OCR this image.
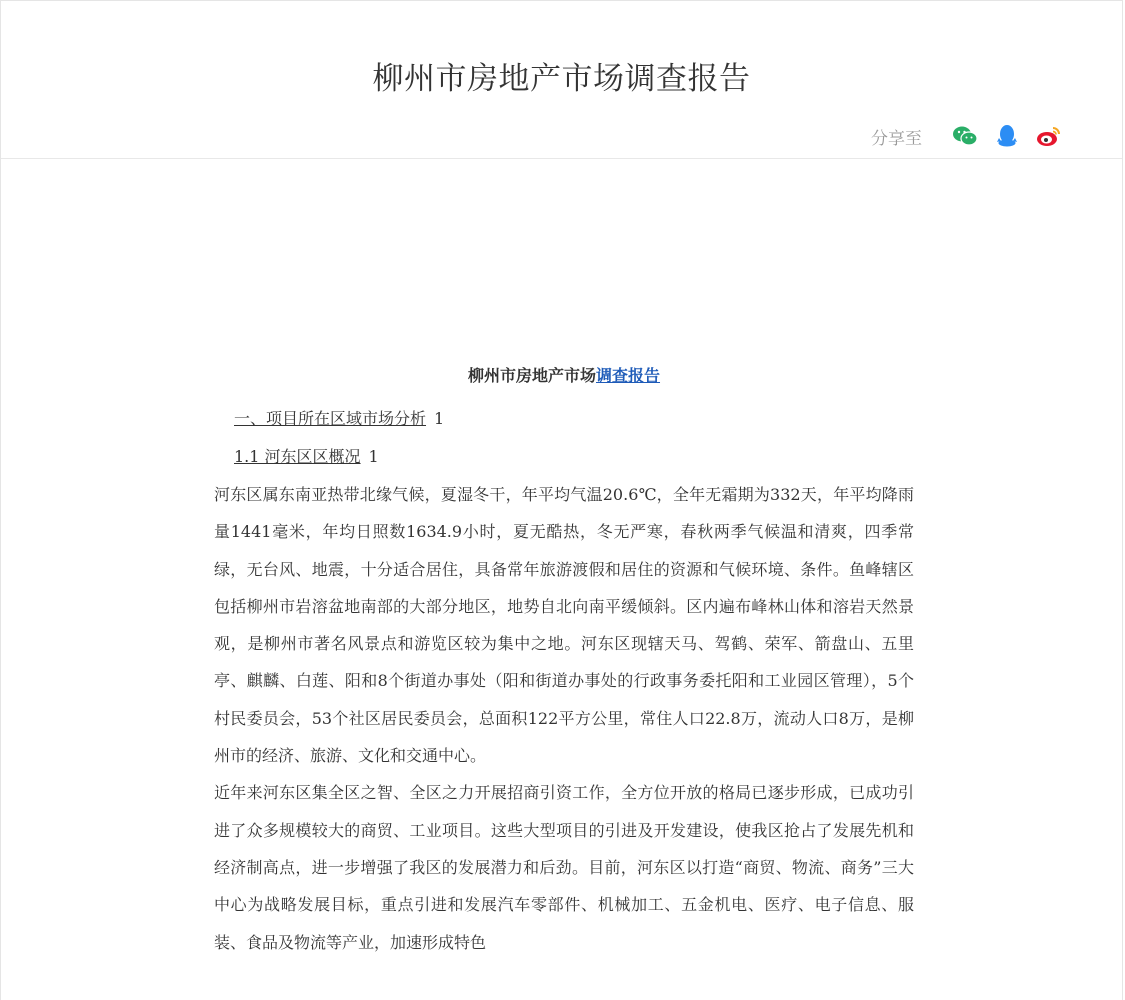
柳州市房地产市场调查报告
分享至

柳州市房地产市场调查报告

一、项目所在区域市场分析 1
1.1 河东区区概况 1

河东区属东南亚热带北缘气候，夏湿冬干，年平均气温20.6℃，全年无霜期为332天，年平均降雨量1441毫米，年均日照数1634.9小时，夏无酷热，冬无严寒，春秋两季气候温和清爽，四季常绿，无台风、地震，十分适合居住，具备常年旅游渡假和居住的资源和气候环境、条件。鱼峰辖区包括柳州市岩溶盆地南部的大部分地区，地势自北向南平缓倾斜。区内遍布峰林山体和溶岩天然景观，是柳州市著名风景点和游览区较为集中之地。河东区现辖天马、驾鹤、荣军、箭盘山、五里亭、麒麟、白莲、阳和8个街道办事处（阳和街道办事处的行政事务委托阳和工业园区管理），5个村民委员会，53个社区居民委员会，总面积122平方公里，常住人口22.8万，流动人口8万，是柳州市的经济、旅游、文化和交通中心。

近年来河东区集全区之智、全区之力开展招商引资工作，全方位开放的格局已逐步形成，已成功引进了众多规模较大的商贸、工业项目。这些大型项目的引进及开发建设，使我区抢占了发展先机和经济制高点，进一步增强了我区的发展潜力和后劲。目前，河东区以打造“商贸、物流、商务”三大中心为战略发展目标，重点引进和发展汽车零部件、机械加工、五金机电、医疗、电子信息、服装、食品及物流等产业，加速形成特色
